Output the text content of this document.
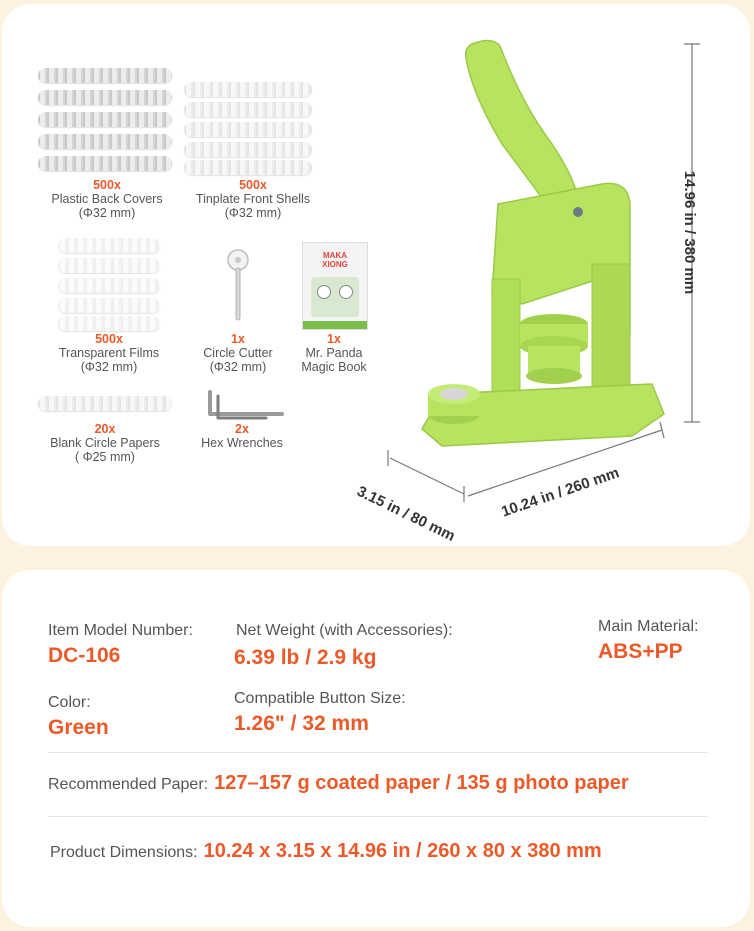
500x
Plastic Back Covers
(Φ32 mm)
500x
Tinplate Front Shells
(Φ32 mm)
500x
Transparent Films
(Φ32 mm)
1x
Circle Cutter
(Φ32 mm)
MAKA XIONG
1x
Mr. Panda
Magic Book
20x
Blank Circle Papers
( Φ25 mm)
2x
Hex Wrenches
14.96 in / 380 mm
3.15 in / 80 mm	10.24 in / 260 mm
Item Model Number:
DC-106
Net Weight (with Accessories):
6.39 lb / 2.9 kg
Main Material:
ABS+PP
Color:
Green
Compatible Button Size:
1.26" / 32 mm
Recommended Paper: 127–157 g coated paper / 135 g photo paper
Product Dimensions: 10.24 x 3.15 x 14.96 in / 260 x 80 x 380 mm
